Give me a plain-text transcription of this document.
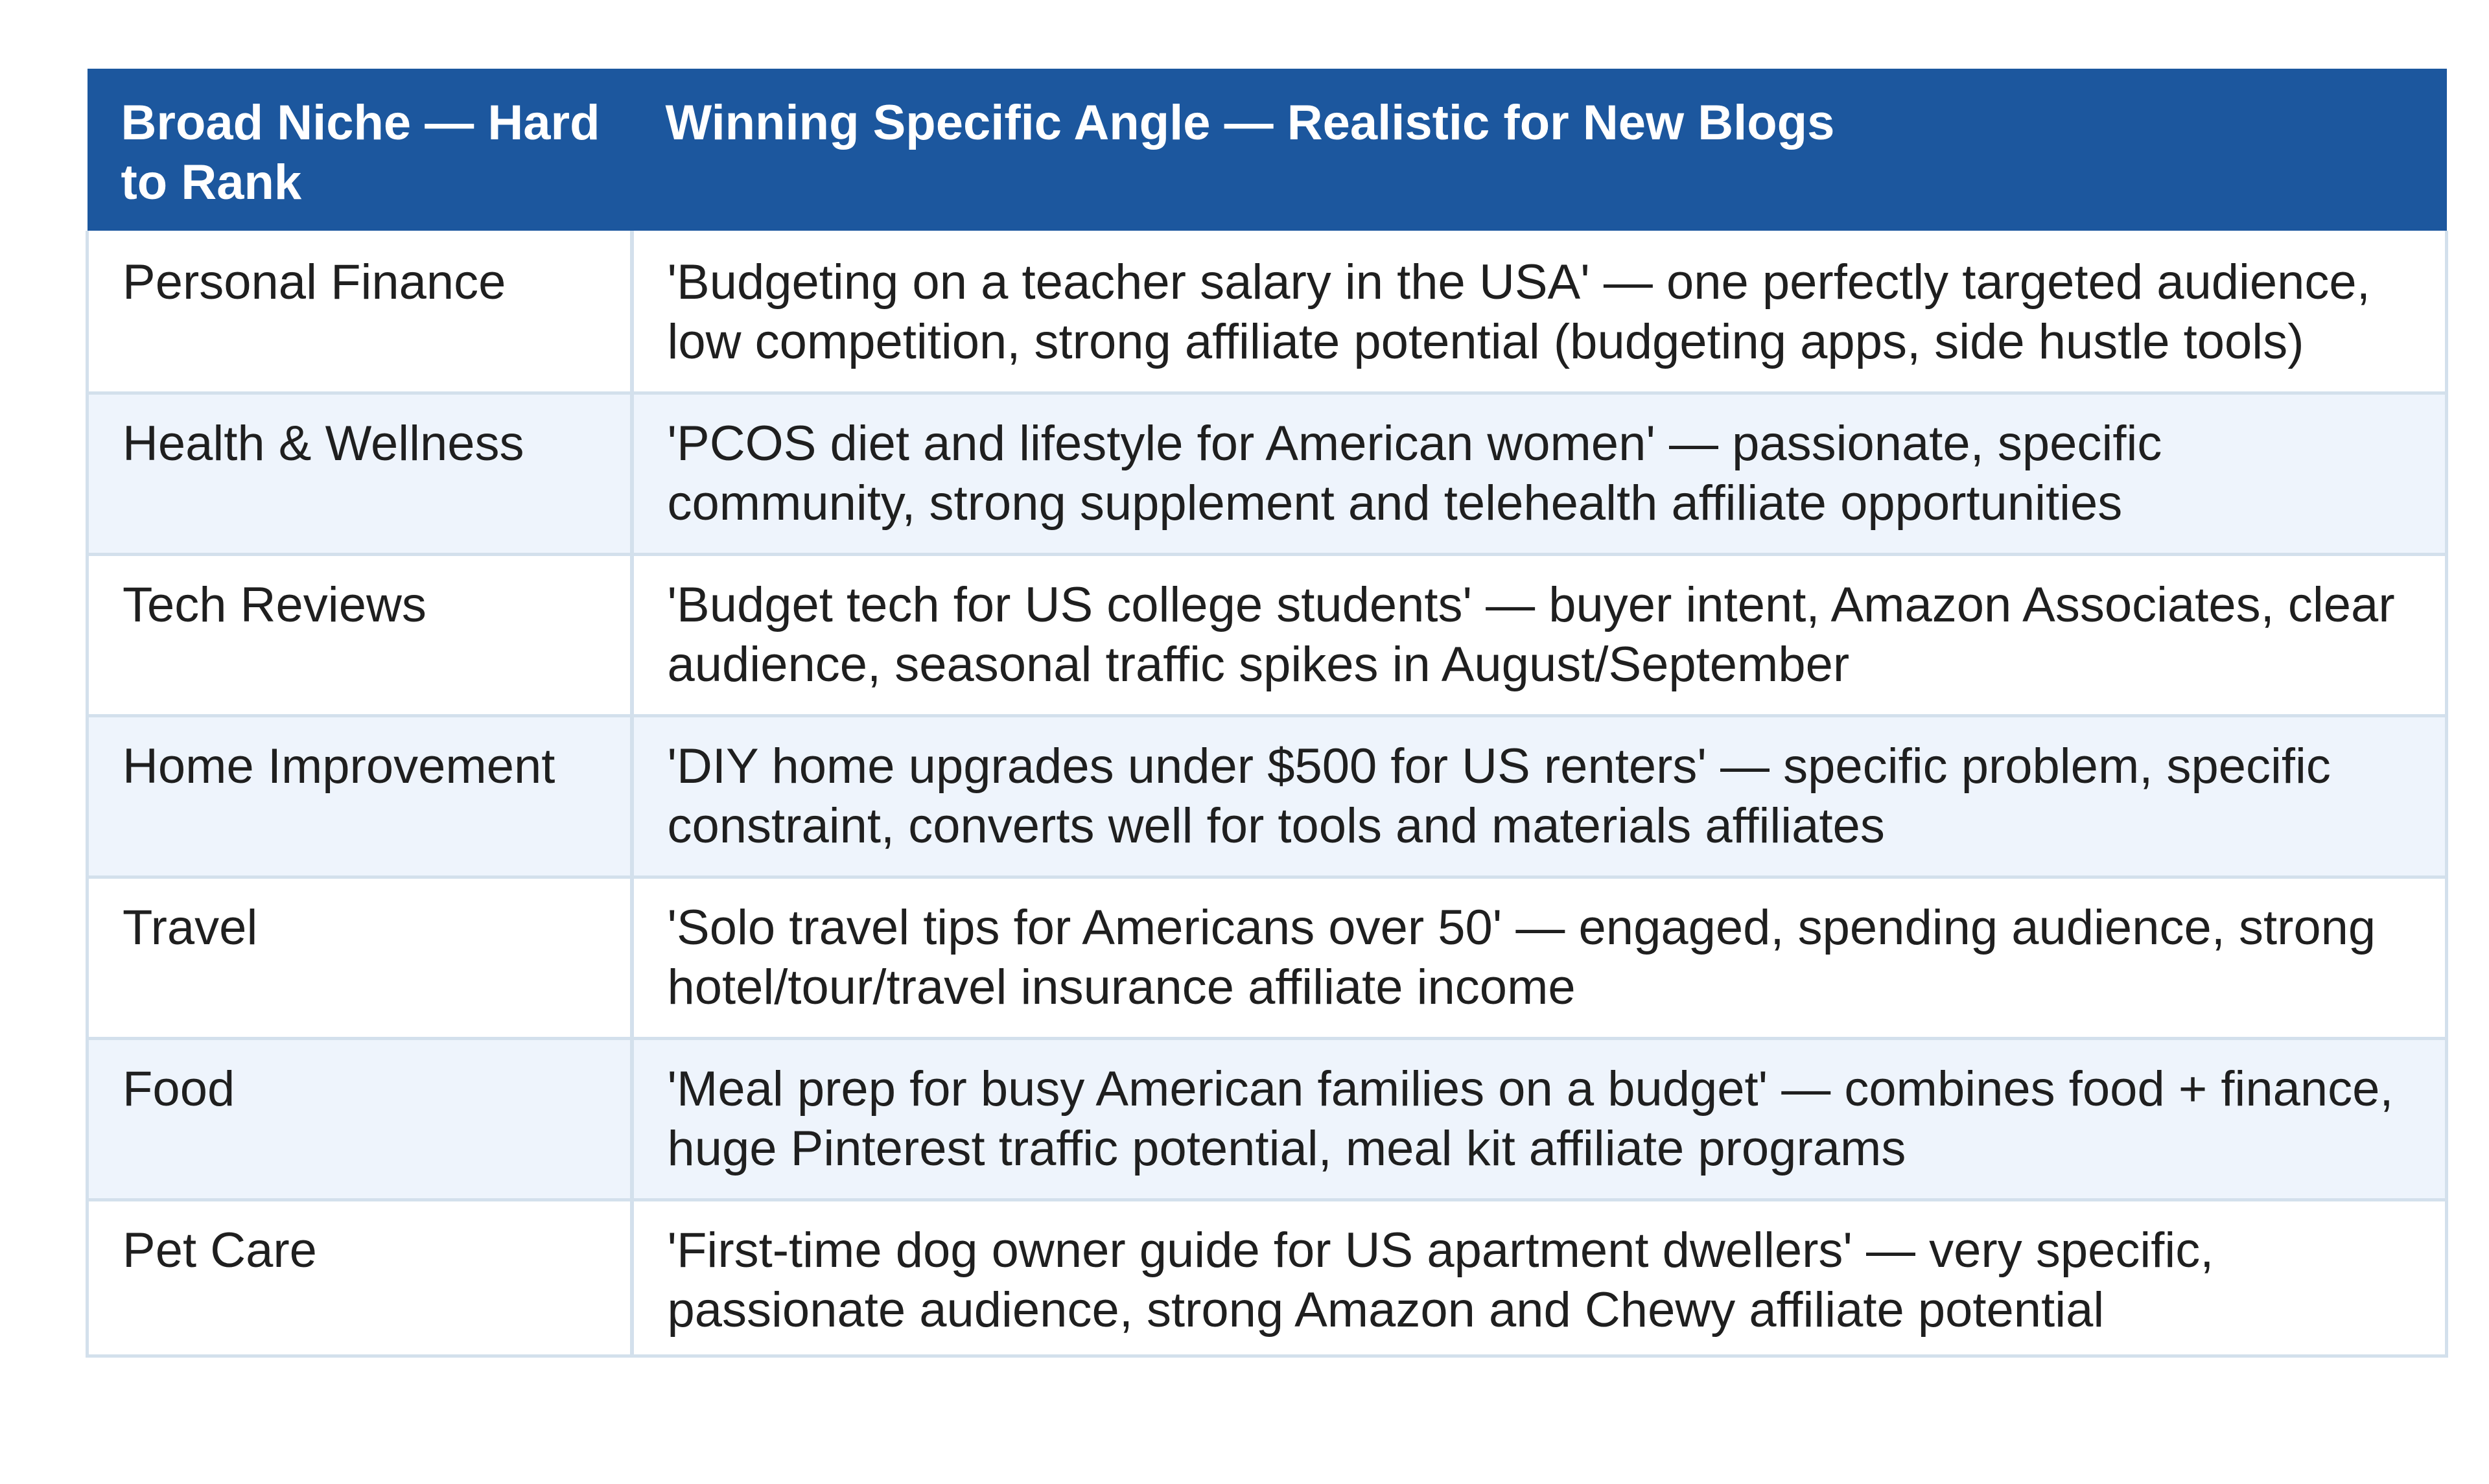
Broad Niche — Hard to Rank	Winning Specific Angle — Realistic for New Blogs
Personal Finance	'Budgeting on a teacher salary in the USA' — one perfectly targeted audience, low competition, strong affiliate potential (budgeting apps, side hustle tools)
Health & Wellness	'PCOS diet and lifestyle for American women' — passionate, specific community, strong supplement and telehealth affiliate opportunities
Tech Reviews	'Budget tech for US college students' — buyer intent, Amazon Associates, clear audience, seasonal traffic spikes in August/September
Home Improvement	'DIY home upgrades under $500 for US renters' — specific problem, specific constraint, converts well for tools and materials affiliates
Travel	'Solo travel tips for Americans over 50' — engaged, spending audience, strong hotel/tour/travel insurance affiliate income
Food	'Meal prep for busy American families on a budget' — combines food + finance, huge Pinterest traffic potential, meal kit affiliate programs
Pet Care	'First-time dog owner guide for US apartment dwellers' — very specific, passionate audience, strong Amazon and Chewy affiliate potential
